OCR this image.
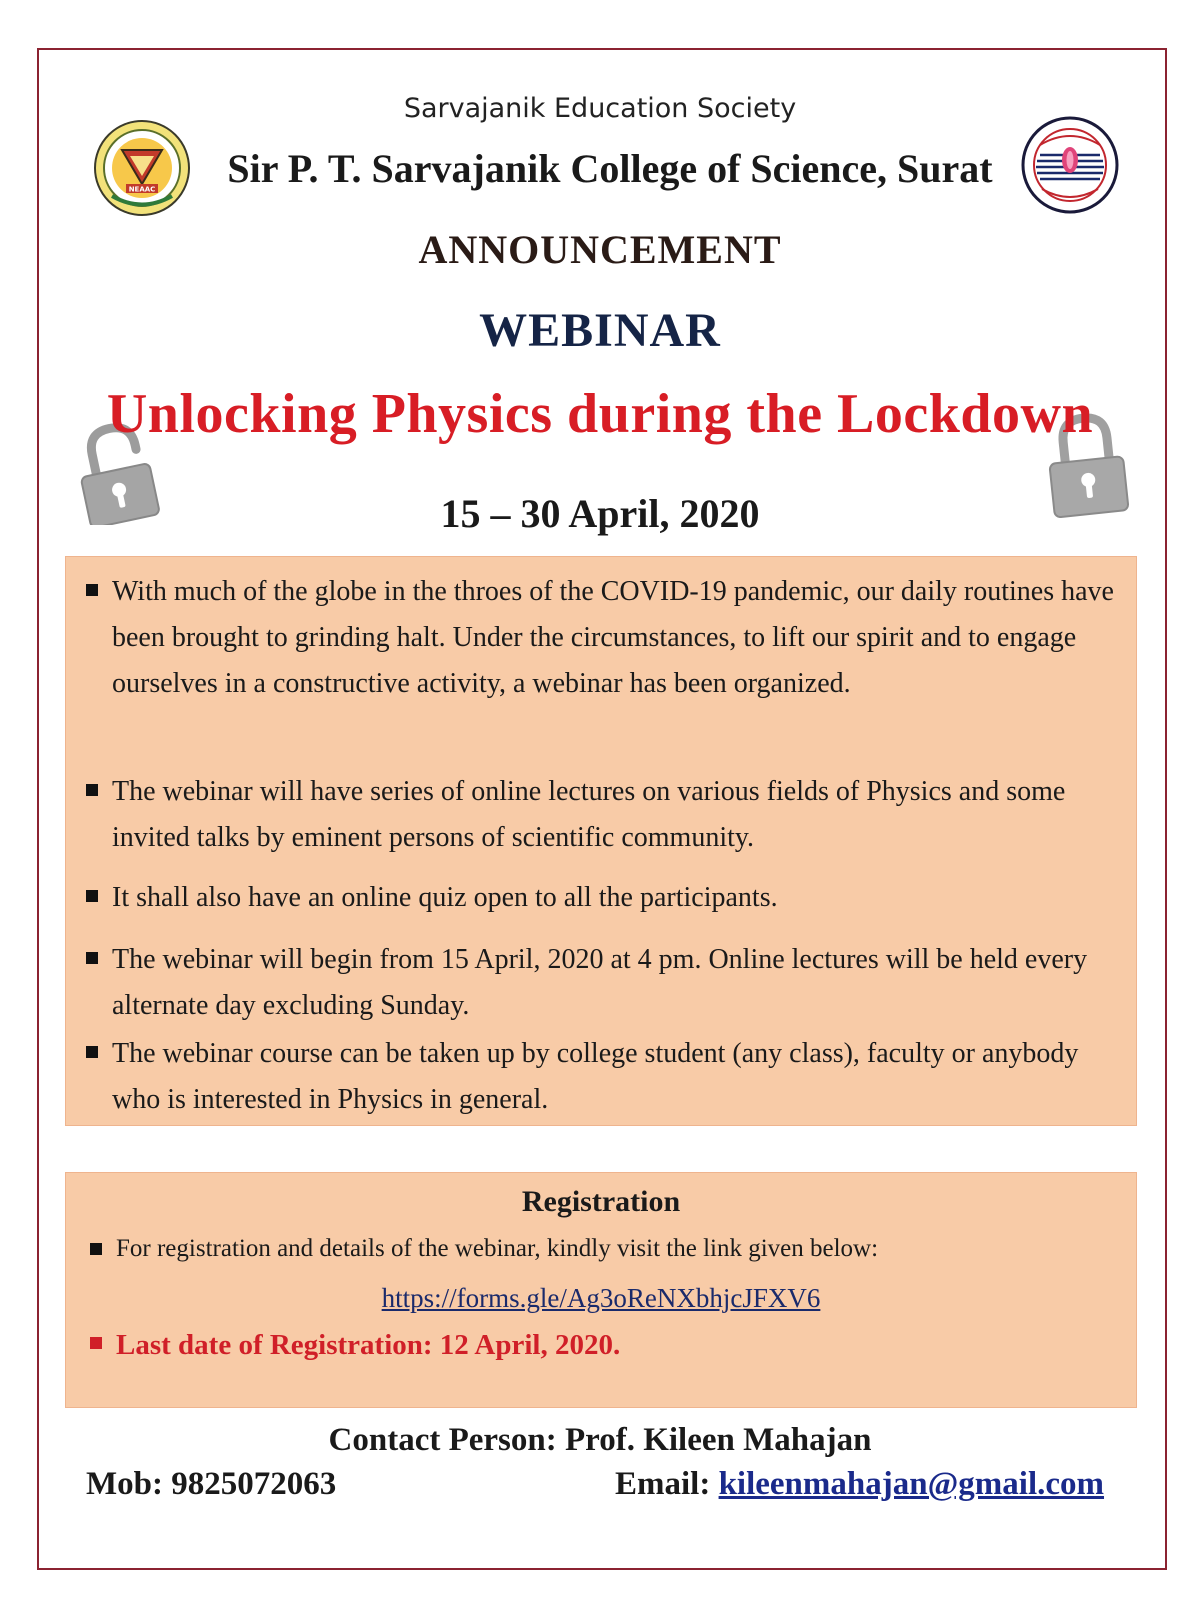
Sarvajanik Education Society
NEAAC	Sir P. T. Sarvajanik College of Science, Surat
ANNOUNCEMENT
WEBINAR
Unlocking Physics during the Lockdown
15 – 30 April, 2020
With much of the globe in the throes of the COVID-19 pandemic, our daily routines have been brought to grinding halt. Under the circumstances, to lift our spirit and to engage ourselves in a constructive activity, a webinar has been organized.
The webinar will have series of online lectures on various fields of Physics and some invited talks by eminent persons of scientific community.
It shall also have an online quiz open to all the participants.
The webinar will begin from 15 April, 2020 at 4 pm. Online lectures will be held every alternate day excluding Sunday.
The webinar course can be taken up by college student (any class), faculty or anybody who is interested in Physics in general.
Registration
For registration and details of the webinar, kindly visit the link given below:
https://forms.gle/Ag3oReNXbhjcJFXV6
Last date of Registration: 12 April, 2020.
Contact Person: Prof. Kileen Mahajan
Mob: 9825072063	Email: kileenmahajan@gmail.com
